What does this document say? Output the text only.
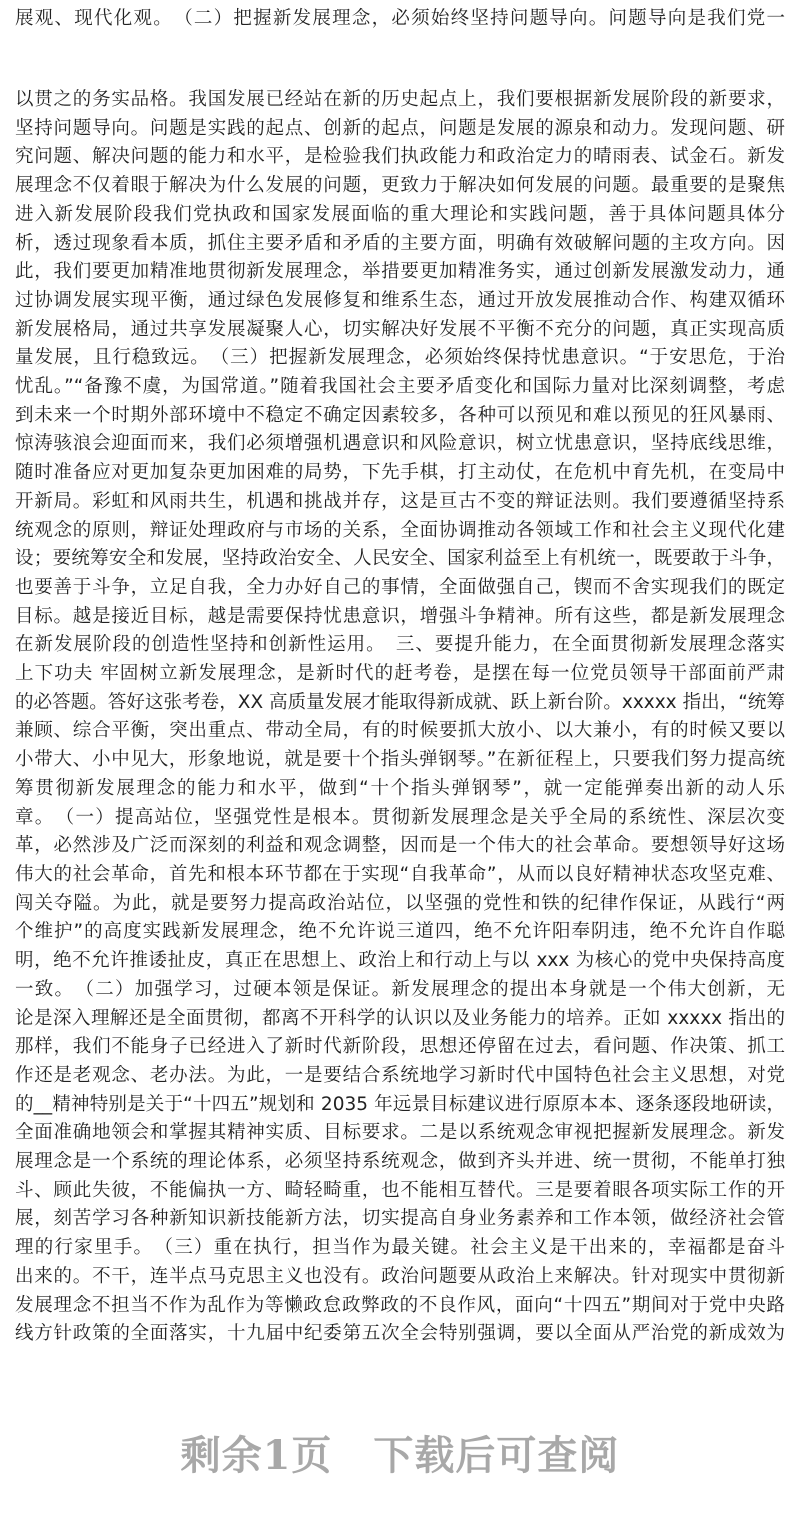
展观、现代化观。　（二）把握新发展理念，必须始终坚持问题导向。问题导向是我们党一
以贯之的务实品格。我国发展已经站在新的历史起点上，我们要根据新发展阶段的新要求，
坚持问题导向。问题是实践的起点、创新的起点，问题是发展的源泉和动力。发现问题、研
究问题、解决问题的能力和水平，是检验我们执政能力和政治定力的晴雨表、试金石。新发
展理念不仅着眼于解决为什么发展的问题，更致力于解决如何发展的问题。最重要的是聚焦
进入新发展阶段我们党执政和国家发展面临的重大理论和实践问题，善于具体问题具体分
析，透过现象看本质，抓住主要矛盾和矛盾的主要方面，明确有效破解问题的主攻方向。因
此，我们要更加精准地贯彻新发展理念，举措要更加精准务实，通过创新发展激发动力，通
过协调发展实现平衡，通过绿色发展修复和维系生态，通过开放发展推动合作、构建双循环
新发展格局，通过共享发展凝聚人心，切实解决好发展不平衡不充分的问题，真正实现高质
量发展，且行稳致远。　（三）把握新发展理念，必须始终保持忧患意识。“于安思危，于治
忧乱。”“备豫不虞，为国常道。”随着我国社会主要矛盾变化和国际力量对比深刻调整，考虑
到未来一个时期外部环境中不稳定不确定因素较多，各种可以预见和难以预见的狂风暴雨、
惊涛骇浪会迎面而来，我们必须增强机遇意识和风险意识，树立忧患意识，坚持底线思维，
随时准备应对更加复杂更加困难的局势，下先手棋，打主动仗，在危机中育先机，在变局中
开新局。彩虹和风雨共生，机遇和挑战并存，这是亘古不变的辩证法则。我们要遵循坚持系
统观念的原则，辩证处理政府与市场的关系，全面协调推动各领域工作和社会主义现代化建
设；要统筹安全和发展，坚持政治安全、人民安全、国家利益至上有机统一，既要敢于斗争，
也要善于斗争，立足自我，全力办好自己的事情，全面做强自己，锲而不舍实现我们的既定
目标。越是接近目标，越是需要保持忧患意识，增强斗争精神。所有这些，都是新发展理念
在新发展阶段的创造性坚持和创新性运用。　三、要提升能力，在全面贯彻新发展理念落实
上下功夫 牢固树立新发展理念，是新时代的赶考卷，是摆在每一位党员领导干部面前严肃
的必答题。答好这张考卷，XX 高质量发展才能取得新成就、跃上新台阶。xxxxx 指出，“统筹
兼顾、综合平衡，突出重点、带动全局，有的时候要抓大放小、以大兼小，有的时候又要以
小带大、小中见大，形象地说，就是要十个指头弹钢琴。”在新征程上，只要我们努力提高统
筹贯彻新发展理念的能力和水平，做到“十个指头弹钢琴”，就一定能弹奏出新的动人乐
章。　（一）提高站位，坚强党性是根本。贯彻新发展理念是关乎全局的系统性、深层次变
革，必然涉及广泛而深刻的利益和观念调整，因而是一个伟大的社会革命。要想领导好这场
伟大的社会革命，首先和根本环节都在于实现“自我革命”，从而以良好精神状态攻坚克难、
闯关夺隘。为此，就是要努力提高政治站位，以坚强的党性和铁的纪律作保证，从践行“两
个维护”的高度实践新发展理念，绝不允许说三道四，绝不允许阳奉阴违，绝不允许自作聪
明，绝不允许推诿扯皮，真正在思想上、政治上和行动上与以 xxx 为核心的党中央保持高度
一致。　（二）加强学习，过硬本领是保证。新发展理念的提出本身就是一个伟大创新，无
论是深入理解还是全面贯彻，都离不开科学的认识以及业务能力的培养。正如 xxxxx 指出的
那样，我们不能身子已经进入了新时代新阶段，思想还停留在过去，看问题、作决策、抓工
作还是老观念、老办法。为此，一是要结合系统地学习新时代中国特色社会主义思想，对党
的__精神特别是关于“十四五”规划和 2035 年远景目标建议进行原原本本、逐条逐段地研读，
全面准确地领会和掌握其精神实质、目标要求。二是以系统观念审视把握新发展理念。新发
展理念是一个系统的理论体系，必须坚持系统观念，做到齐头并进、统一贯彻，不能单打独
斗、顾此失彼，不能偏执一方、畸轻畸重，也不能相互替代。三是要着眼各项实际工作的开
展，刻苦学习各种新知识新技能新方法，切实提高自身业务素养和工作本领，做经济社会管
理的行家里手。　（三）重在执行，担当作为最关键。社会主义是干出来的，幸福都是奋斗
出来的。不干，连半点马克思主义也没有。政治问题要从政治上来解决。针对现实中贯彻新
发展理念不担当不作为乱作为等懒政怠政弊政的不良作风，面向“十四五”期间对于党中央路
线方针政策的全面落实，十九届中纪委第五次全会特别强调，要以全面从严治党的新成效为
剩余1页　下载后可查阅
